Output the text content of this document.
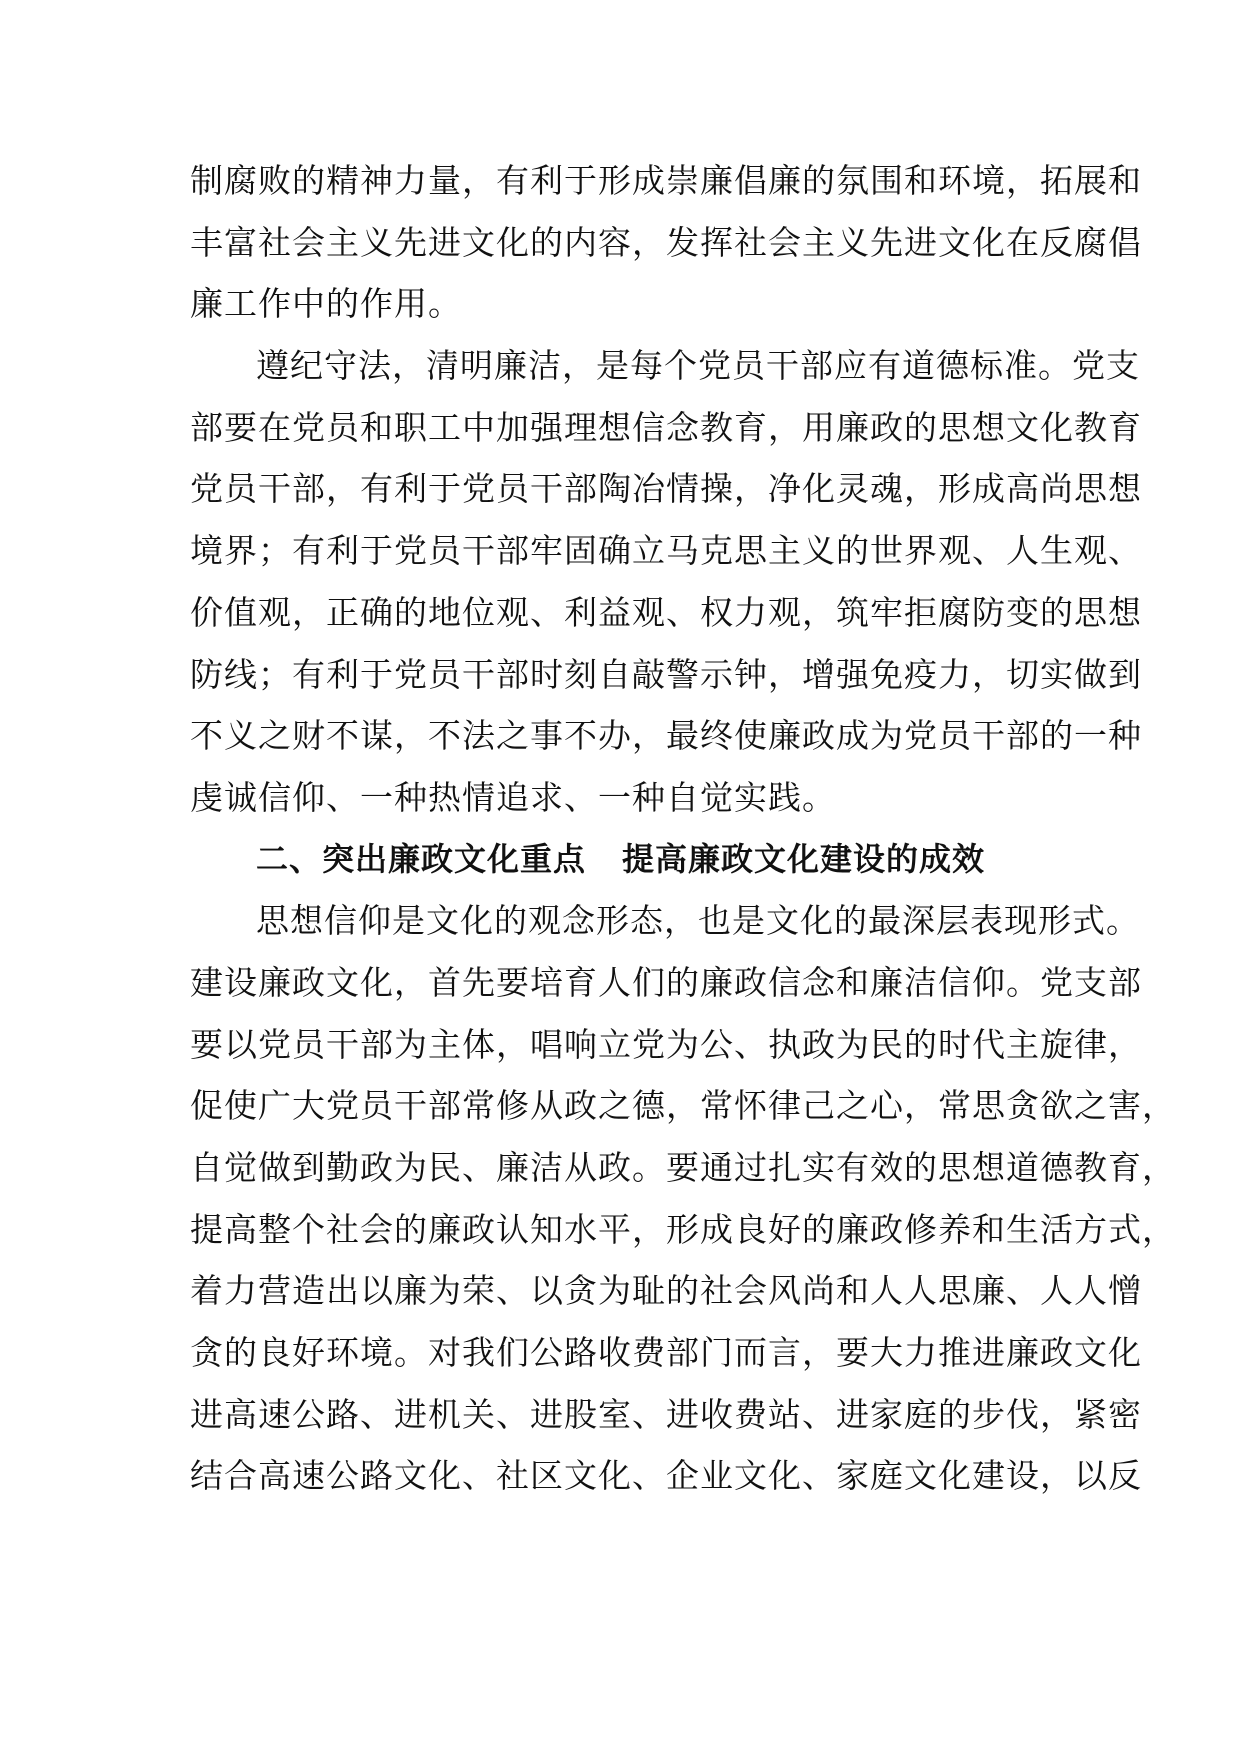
制腐败的精神力量，有利于形成崇廉倡廉的氛围和环境，拓展和
丰富社会主义先进文化的内容，发挥社会主义先进文化在反腐倡
廉工作中的作用。
遵纪守法，清明廉洁，是每个党员干部应有道德标准。党支
部要在党员和职工中加强理想信念教育，用廉政的思想文化教育
党员干部，有利于党员干部陶冶情操，净化灵魂，形成高尚思想
境界；有利于党员干部牢固确立马克思主义的世界观、人生观、
价值观，正确的地位观、利益观、权力观，筑牢拒腐防变的思想
防线；有利于党员干部时刻自敲警示钟，增强免疫力，切实做到
不义之财不谋，不法之事不办，最终使廉政成为党员干部的一种
虔诚信仰、一种热情追求、一种自觉实践。
二、突出廉政文化重点 提高廉政文化建设的成效
思想信仰是文化的观念形态，也是文化的最深层表现形式。
建设廉政文化，首先要培育人们的廉政信念和廉洁信仰。党支部
要以党员干部为主体，唱响立党为公、执政为民的时代主旋律，
促使广大党员干部常修从政之德，常怀律己之心，常思贪欲之害，
自觉做到勤政为民、廉洁从政。要通过扎实有效的思想道德教育，
提高整个社会的廉政认知水平，形成良好的廉政修养和生活方式，
着力营造出以廉为荣、以贪为耻的社会风尚和人人思廉、人人憎
贪的良好环境。对我们公路收费部门而言，要大力推进廉政文化
进高速公路、进机关、进股室、进收费站、进家庭的步伐，紧密
结合高速公路文化、社区文化、企业文化、家庭文化建设，以反
